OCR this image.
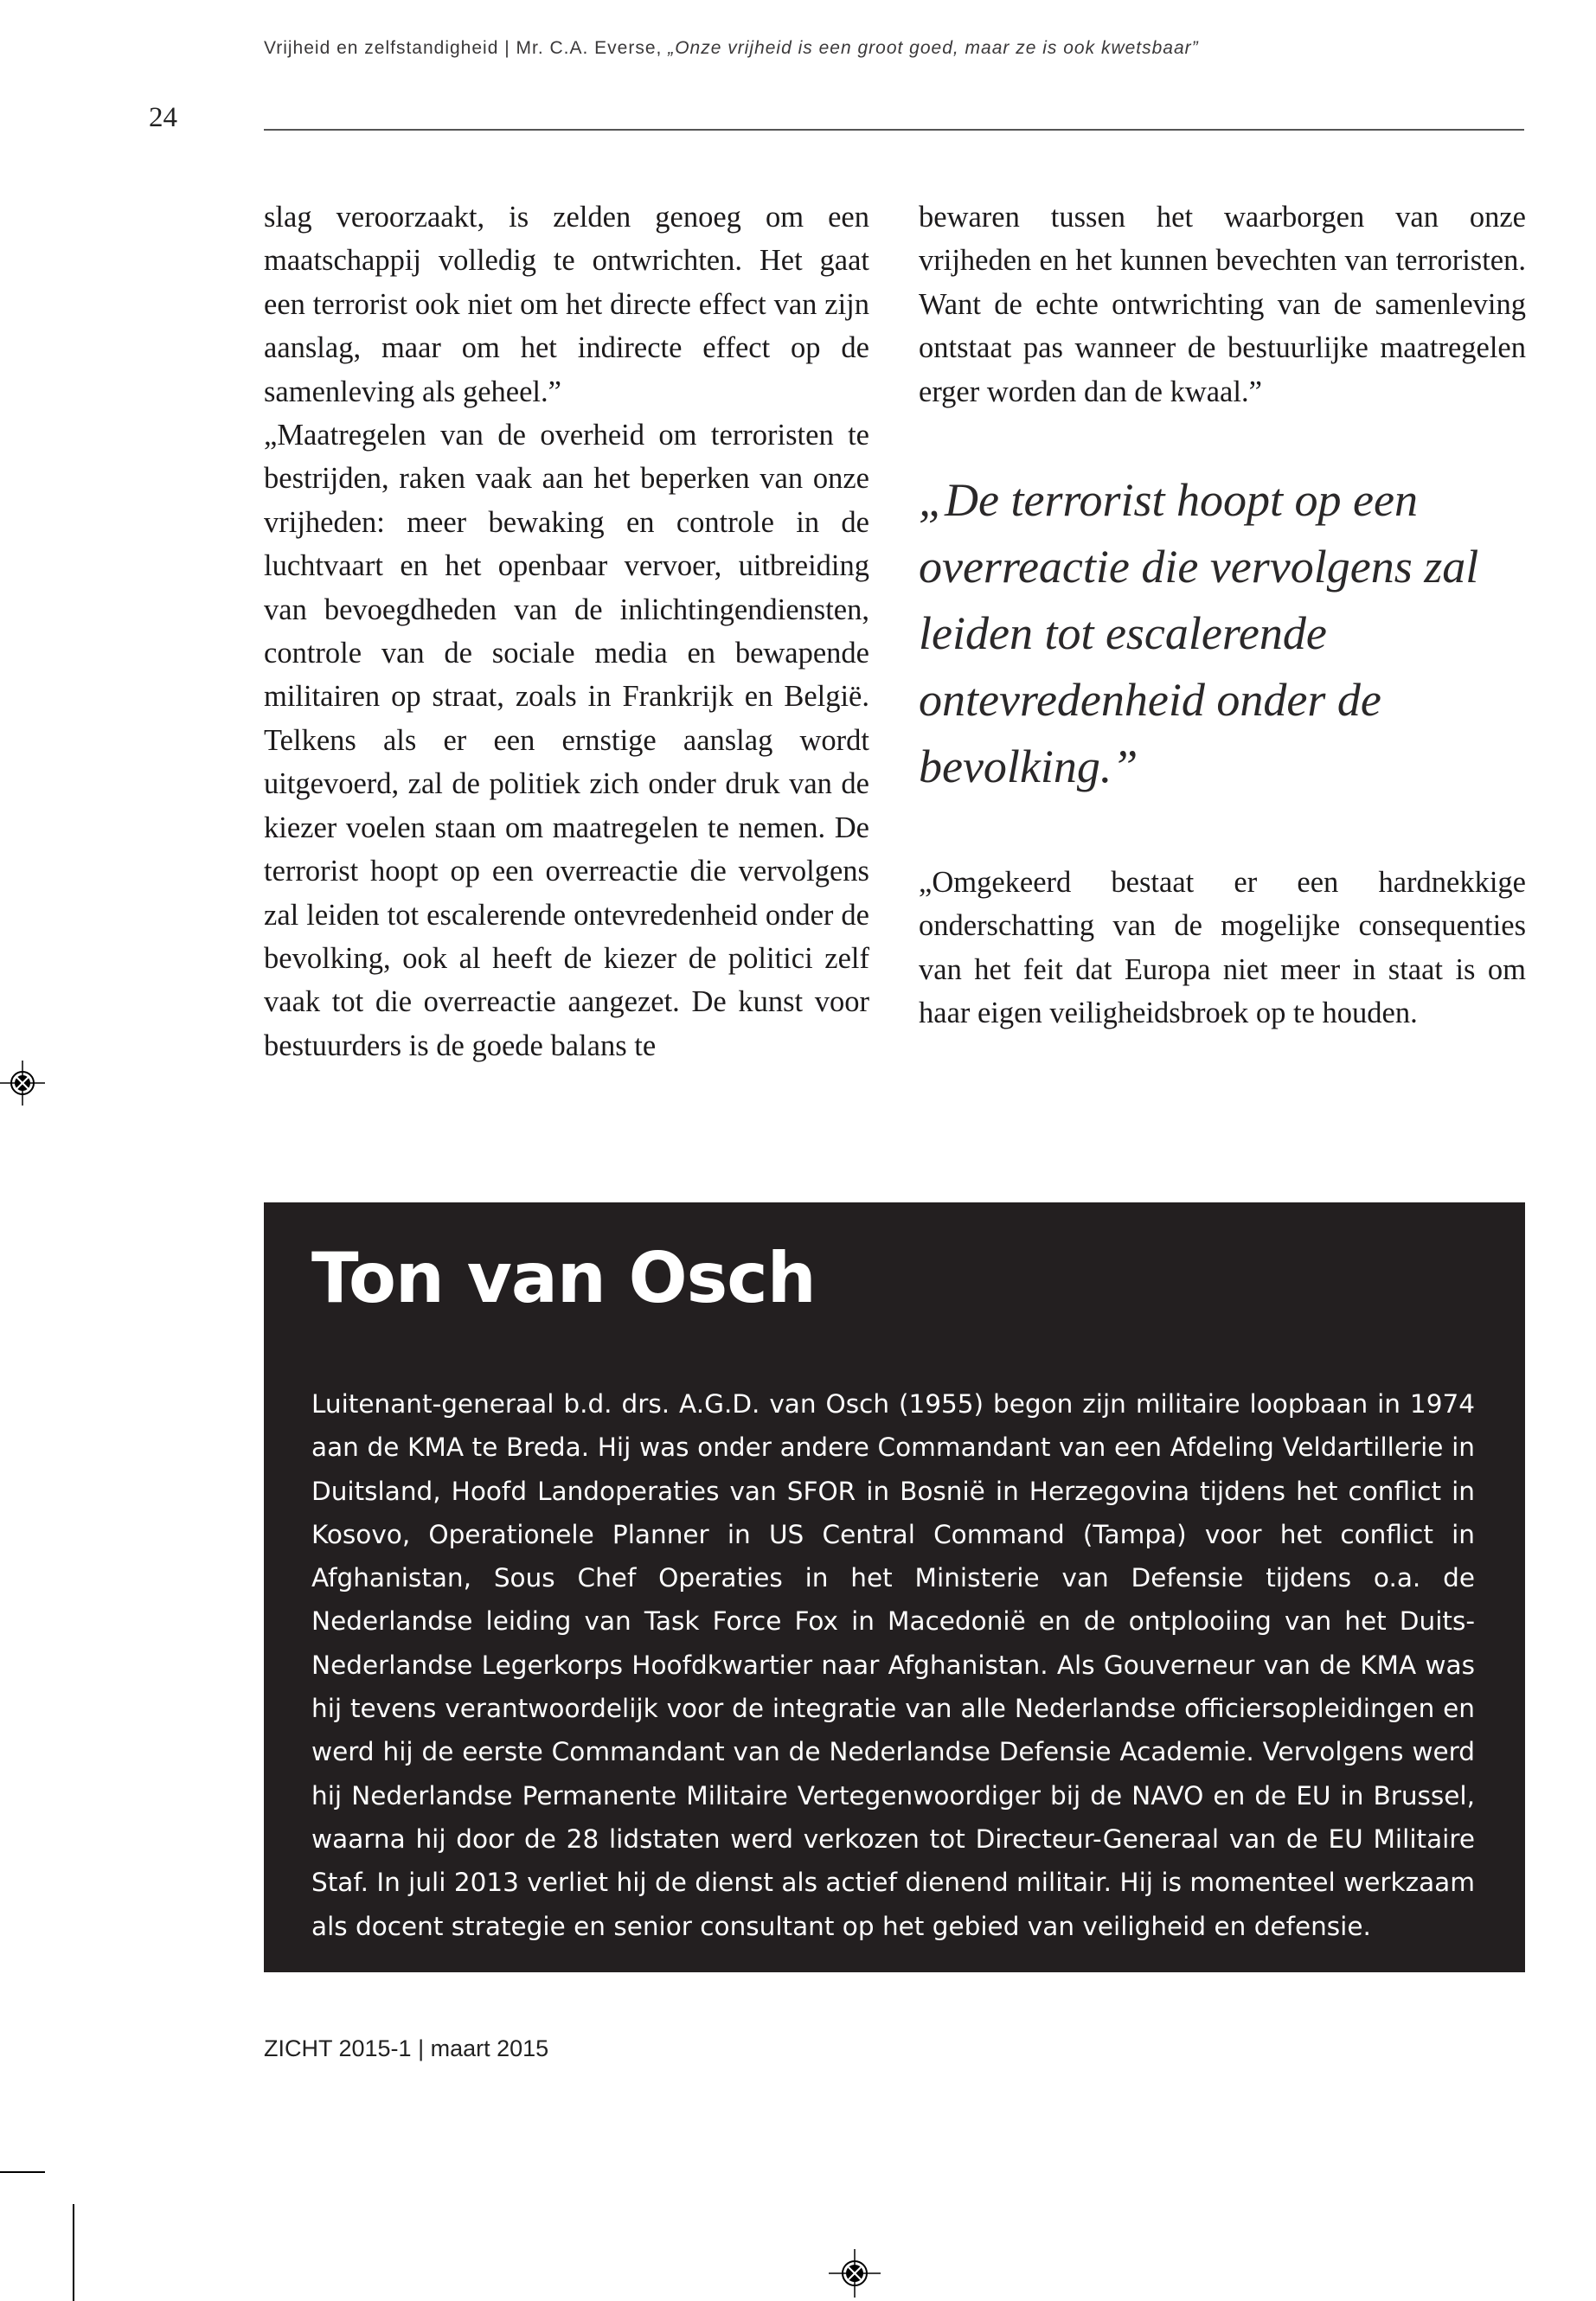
Vrijheid en zelfstandigheid | Mr. C.A. Everse, „Onze vrijheid is een groot goed, maar ze is ook kwetsbaar”
24

slag veroorzaakt, is zelden genoeg om een maatschappij volledig te ontwrichten. Het gaat een terrorist ook niet om het directe effect van zijn aanslag, maar om het indirecte effect op de samenleving als geheel.”

„Maatregelen van de overheid om terroristen te bestrijden, raken vaak aan het beperken van onze vrijheden: meer bewaking en controle in de luchtvaart en het openbaar vervoer, uitbreiding van bevoegdheden van de inlichtingendiensten, controle van de sociale media en bewapende militairen op straat, zoals in Frankrijk en België. Telkens als er een ernstige aanslag wordt uitgevoerd, zal de politiek zich onder druk van de kiezer voelen staan om maatregelen te nemen. De terrorist hoopt op een overreactie die vervolgens zal leiden tot escalerende ontevredenheid onder de bevolking, ook al heeft de kiezer de politici zelf vaak tot die overreactie aangezet. De kunst voor bestuurders is de goede balans te

bewaren tussen het waarborgen van onze vrijheden en het kunnen bevechten van terroristen. Want de echte ontwrichting van de samenleving ontstaat pas wanneer de bestuurlijke maatregelen erger worden dan de kwaal.”

„De terrorist hoopt op een overreactie die vervolgens zal leiden tot escalerende ontevredenheid onder de bevolking.”

„Omgekeerd bestaat er een hardnekkige onderschatting van de mogelijke consequenties van het feit dat Europa niet meer in staat is om haar eigen veiligheidsbroek op te houden.

Ton van Osch

Luitenant-generaal b.d. drs. A.G.D. van Osch (1955) begon zijn militaire loopbaan in 1974 aan de KMA te Breda. Hij was onder andere Commandant van een Afdeling Veldartillerie in Duitsland, Hoofd Landoperaties van SFOR in Bosnië in Herzegovina tijdens het conflict in Kosovo, Operationele Planner in US Central Command (Tampa) voor het conflict in Afghanistan, Sous Chef Operaties in het Ministerie van Defensie tijdens o.a. de Nederlandse leiding van Task Force Fox in Macedonië en de ontplooiing van het Duits-Nederlandse Legerkorps Hoofdkwartier naar Afghanistan. Als Gouverneur van de KMA was hij tevens verantwoordelijk voor de integratie van alle Nederlandse officiersopleidingen en werd hij de eerste Commandant van de Nederlandse Defensie Academie. Vervolgens werd hij Nederlandse Permanente Militaire Vertegenwoordiger bij de NAVO en de EU in Brussel, waarna hij door de 28 lidstaten werd verkozen tot Directeur-Generaal van de EU Militaire Staf. In juli 2013 verliet hij de dienst als actief dienend militair. Hij is momenteel werkzaam als docent strategie en senior consultant op het gebied van veiligheid en defensie.

ZICHT 2015-1 | maart 2015
